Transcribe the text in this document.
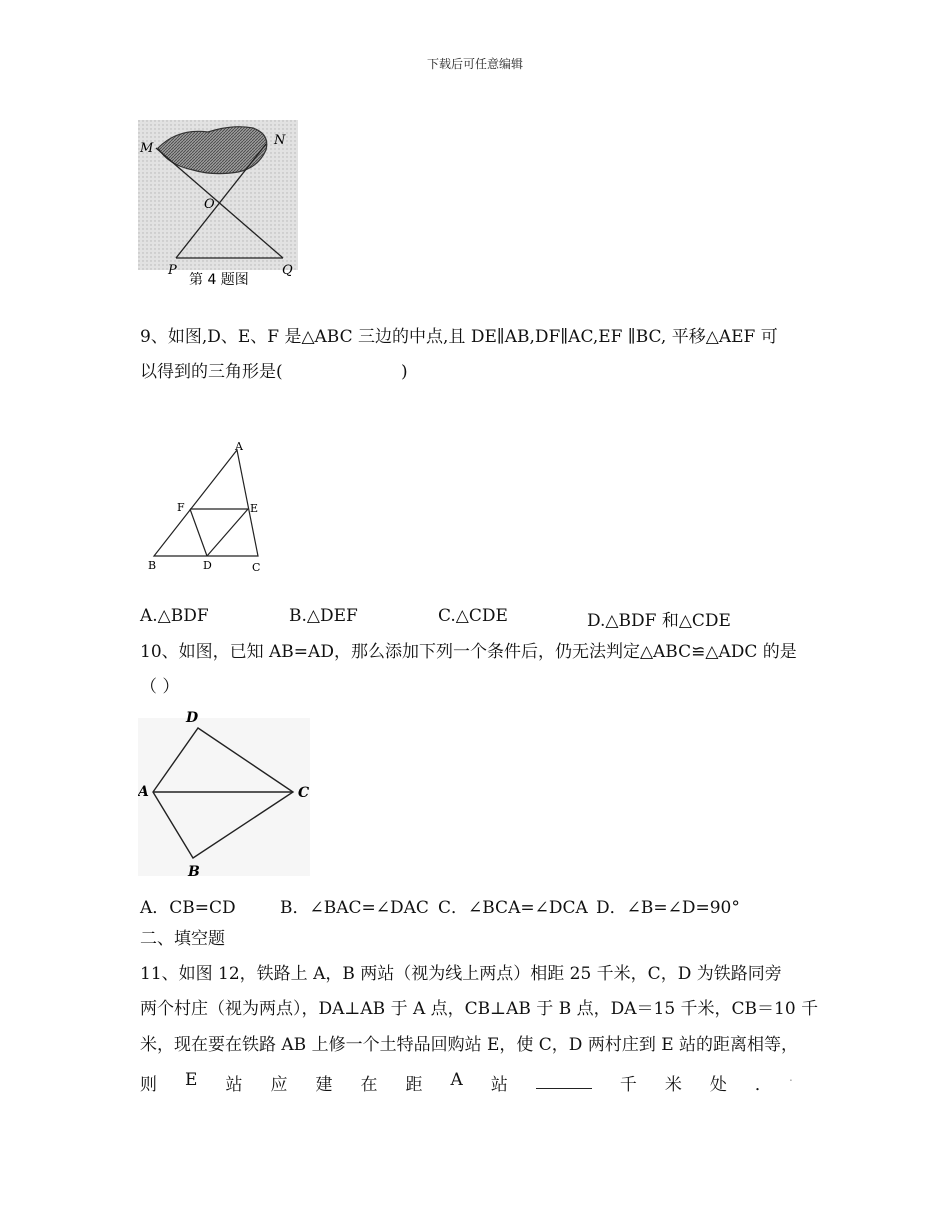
下载后可任意编辑
M
N
O
P	Q
第 4 题图
9、如图,D、E、F 是△ABC 三边的中点,且 DE∥AB,DF∥AC,EF ∥BC, 平移△AEF 可
以得到的三角形是(	)
A
B	C
D
E
F
A.△BDF	B.△DEF	C.△CDE	D.△BDF 和△CDE
10、如图，已知 AB=AD，那么添加下列一个条件后，仍无法判定△ABC≌△ADC 的是
（ ）
D
A	C
B
A．CB=CD	B．∠BAC=∠DAC C．∠BCA=∠DCA D．∠B=∠D=90°
二、填空题
11、如图 12，铁路上 A，B 两站（视为线上两点）相距 25 千米，C，D 为铁路同旁
两个村庄（视为两点），DA⊥AB 于 A 点，CB⊥AB 于 B 点，DA＝15 千米，CB＝10 千
米，现在要在铁路 AB 上修一个土特品回购站 E，使 C，D 两村庄到 E 站的距离相等，
则 E 站 应 建 在 距 A 站	千 米 处 ． .
